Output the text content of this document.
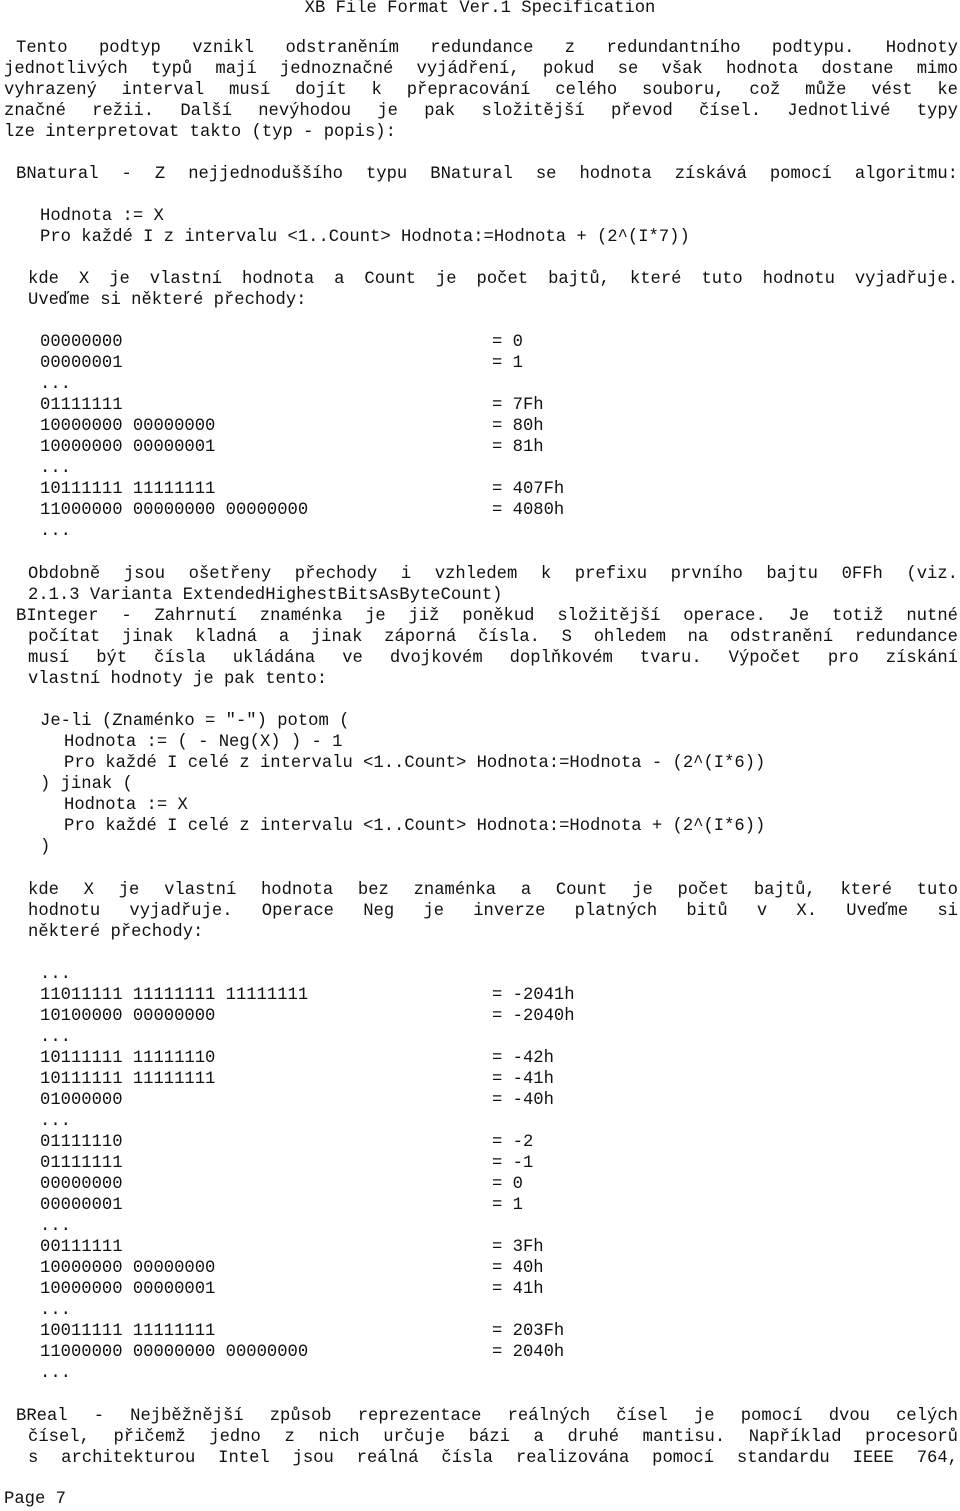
XB File Format Ver.1 Specification
Tento podtyp vznikl odstraněním redundance z redundantního podtypu. Hodnoty
jednotlivých typů mají jednoznačné vyjádření, pokud se však hodnota dostane mimo
vyhrazený interval musí dojít k přepracování celého souboru, což může vést ke
značné režii. Další nevýhodou je pak složitější převod čísel. Jednotlivé typy
lze interpretovat takto (typ - popis):
BNatural - Z nejjednoduššího typu BNatural se hodnota získává pomocí algoritmu:
Hodnota := X
Pro každé I z intervalu <1..Count> Hodnota:=Hodnota + (2^(I*7))
kde X je vlastní hodnota a Count je počet bajtů, které tuto hodnotu vyjadřuje.
Uveďme si některé přechody:
00000000	= 0
00000001	= 1
...
01111111	= 7Fh
10000000 00000000	= 80h
10000000 00000001	= 81h
...
10111111 11111111	= 407Fh
11000000 00000000 00000000	= 4080h
...
Obdobně jsou ošetřeny přechody i vzhledem k prefixu prvního bajtu 0FFh (viz.
2.1.3 Varianta ExtendedHighestBitsAsByteCount)
BInteger - Zahrnutí znaménka je již poněkud složitější operace. Je totiž nutné
počítat jinak kladná a jinak záporná čísla. S ohledem na odstranění redundance
musí být čísla ukládána ve dvojkovém doplňkovém tvaru. Výpočet pro získání
vlastní hodnoty je pak tento:
Je-li (Znaménko = "-") potom (
Hodnota := ( - Neg(X) ) - 1
Pro každé I celé z intervalu <1..Count> Hodnota:=Hodnota - (2^(I*6))
) jinak (
Hodnota := X
Pro každé I celé z intervalu <1..Count> Hodnota:=Hodnota + (2^(I*6))
)
kde X je vlastní hodnota bez znaménka a Count je počet bajtů, které tuto
hodnotu vyjadřuje. Operace Neg je inverze platných bitů v X. Uveďme si
některé přechody:
...
11011111 11111111 11111111	= -2041h
10100000 00000000	= -2040h
...
10111111 11111110	= -42h
10111111 11111111	= -41h
01000000	= -40h
...
01111110	= -2
01111111	= -1
00000000	= 0
00000001	= 1
...
00111111	= 3Fh
10000000 00000000	= 40h
10000000 00000001	= 41h
...
10011111 11111111	= 203Fh
11000000 00000000 00000000	= 2040h
...
BReal - Nejběžnější způsob reprezentace reálných čísel je pomocí dvou celých
čísel, přičemž jedno z nich určuje bázi a druhé mantisu. Například procesorů
s architekturou Intel jsou reálná čísla realizována pomocí standardu IEEE 764,
Page 7
